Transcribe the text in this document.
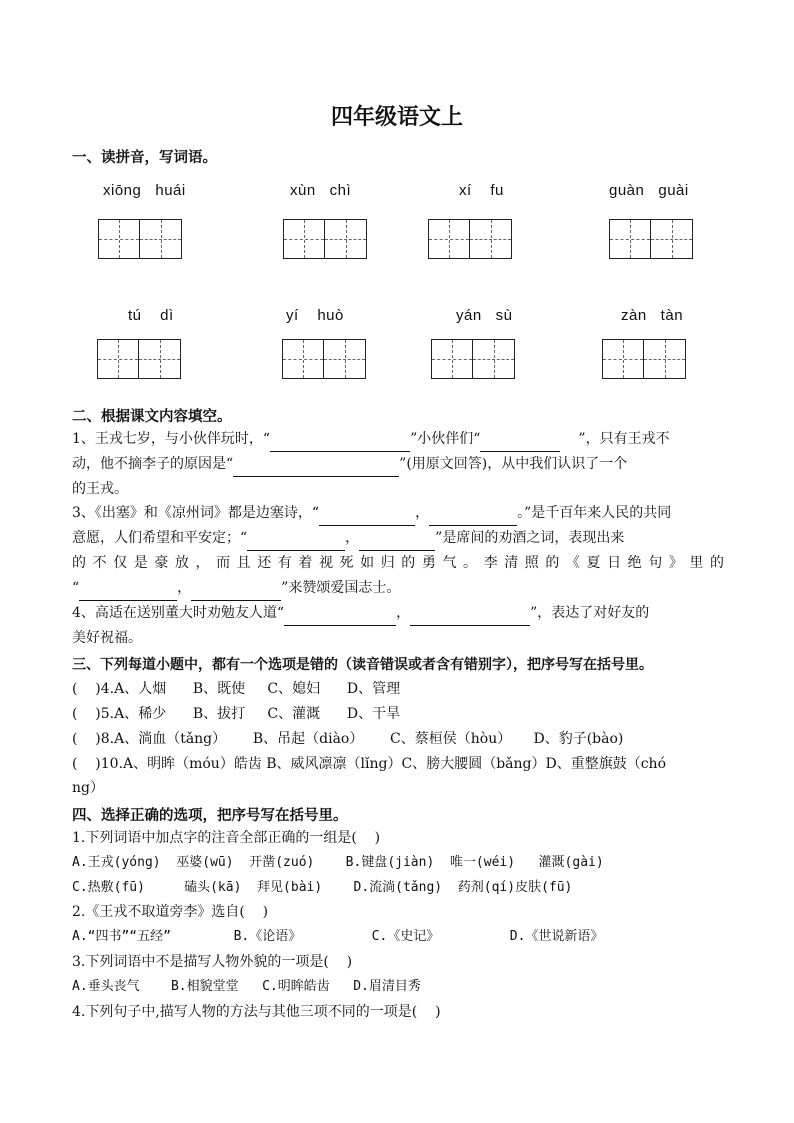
四年级语文上
一、读拼音，写词语。
xiōng   huái	xùn   chì	xí    fu	guàn   guài
tú    dì	yí    huò	yán   sù	zàn   tàn
二、根据课文内容填空。
1、王戎七岁，与小伙伴玩时，“	”小伙伴们“	”，只有王戎不
动，他不摘李子的原因是“	”(用原文回答)，从中我们认识了一个
的王戎。
3、《出塞》和《凉州词》都是边塞诗，“	，	。”是千百年来人民的共同
意愿，人们希望和平安定；“	，	”是席间的劝酒之词，表现出来
的不仅是豪放，而且还有着视死如归的勇气。李清照的《夏日绝句》里的
“	，	”来赞颂爱国志士。
4、高适在送别董大时劝勉友人道“	，	”，表达了对好友的
美好祝福。
三、下列每道小题中，都有一个选项是错的（读音错误或者含有错别字），把序号写在括号里。
(    )4.A、人烟      B、既使     C、媳妇      D、管理
(    )5.A、稀少      B、拔打     C、灌溉      D、干旱
(    )8.A、淌血（tǎng）      B、吊起（diào）      C、蔡桓侯（hòu）     D、豹子(bào)
(    )10.A、明眸（móu）皓齿 B、威风凛凛（lǐng）C、膀大腰圆（bǎng）D、重整旗鼓（chó
ng）
四、选择正确的选项，把序号写在括号里。
1.下列词语中加点字的注音全部正确的一组是(    )
A.王戎(yóng)  巫婆(wū)  开凿(zuó)    B.键盘(jiàn)  唯一(wéi)   灌溉(gài)
C.热敷(fū)     磕头(kā)  拜见(bài)    D.流淌(tǎng)  药剂(qí)皮肤(fū)
2.《王戎不取道旁李》选自(    )
A.“四书”“五经”        B.《论语》         C.《史记》         D.《世说新语》
3.下列词语中不是描写人物外貌的一项是(    )
A.垂头丧气    B.相貌堂堂   C.明眸皓齿   D.眉清目秀
4.下列句子中,描写人物的方法与其他三项不同的一项是(    )
